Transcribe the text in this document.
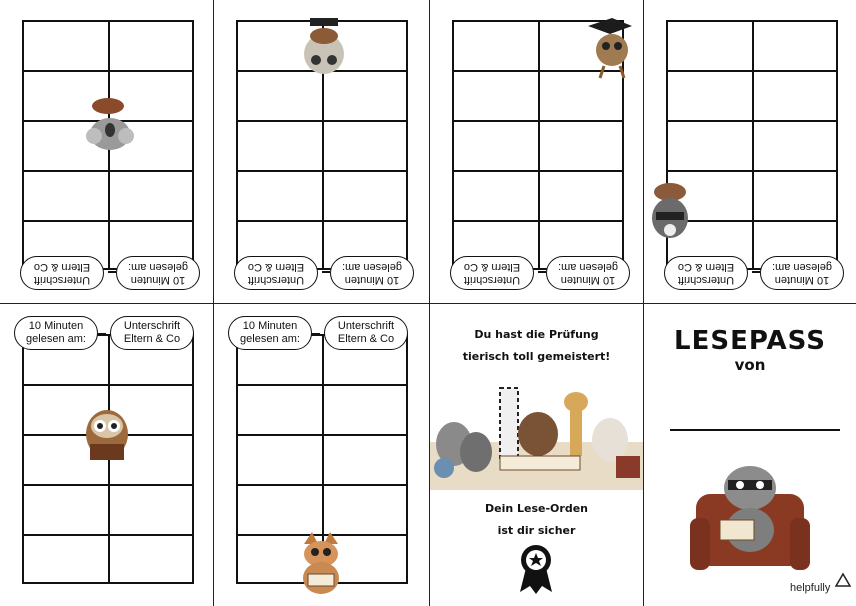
10 Minuten
gelesen am:
Unterschrift
Eltern & Co
10 Minuten
gelesen am:
Unterschrift
Eltern & Co
10 Minuten
gelesen am:
Unterschrift
Eltern & Co
10 Minuten
gelesen am:
Unterschrift
Eltern & Co
10 Minuten
gelesen am:
Unterschrift
Eltern & Co
10 Minuten
gelesen am:
Unterschrift
Eltern & Co	Du hast die Prüfung
tierisch toll gemeistert!
Dein Lese-Orden
ist dir sicher
LESEPASS
von
helpfully
